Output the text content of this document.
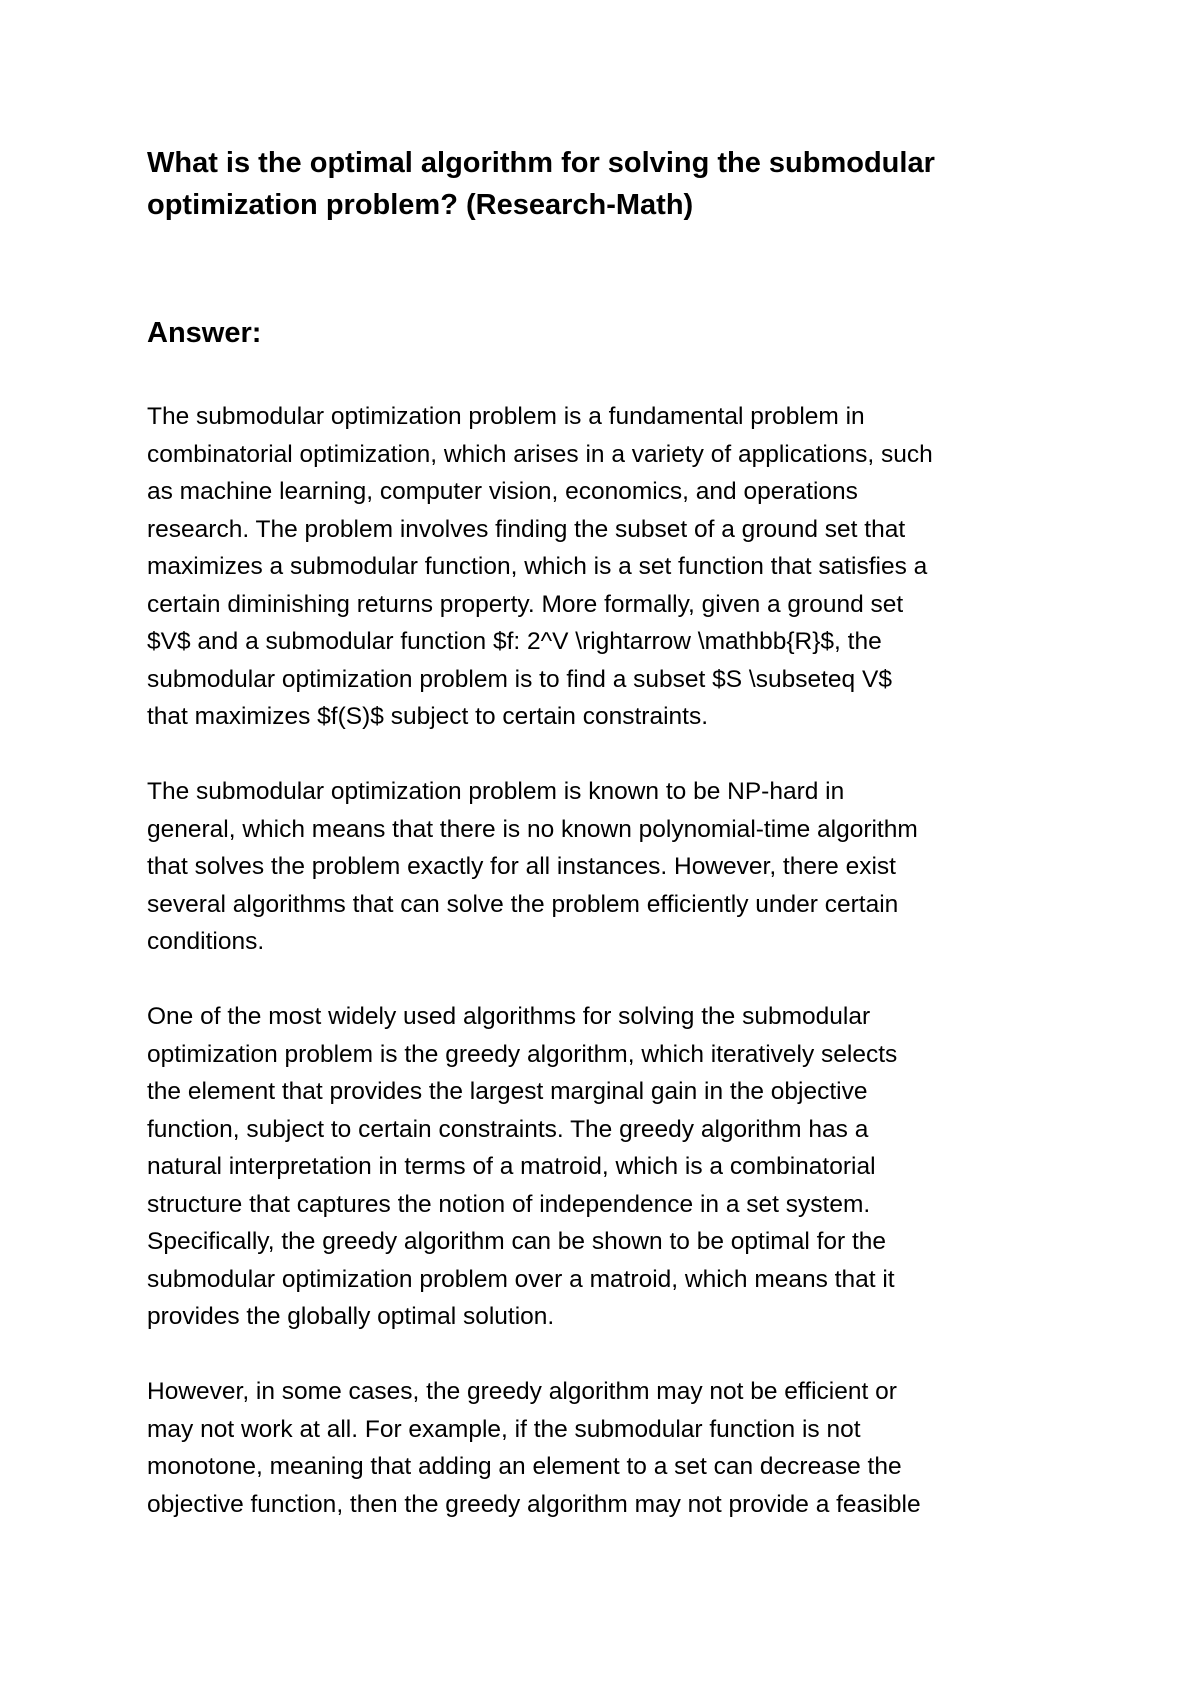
What is the optimal algorithm for solving the submodular
optimization problem? (Research-Math)
Answer:

The submodular optimization problem is a fundamental problem in
combinatorial optimization, which arises in a variety of applications, such
as machine learning, computer vision, economics, and operations
research. The problem involves finding the subset of a ground set that
maximizes a submodular function, which is a set function that satisfies a
certain diminishing returns property. More formally, given a ground set
$V$ and a submodular function $f: 2^V \rightarrow \mathbb{R}$, the
submodular optimization problem is to find a subset $S \subseteq V$
that maximizes $f(S)$ subject to certain constraints.

The submodular optimization problem is known to be NP-hard in
general, which means that there is no known polynomial-time algorithm
that solves the problem exactly for all instances. However, there exist
several algorithms that can solve the problem efficiently under certain
conditions.

One of the most widely used algorithms for solving the submodular
optimization problem is the greedy algorithm, which iteratively selects
the element that provides the largest marginal gain in the objective
function, subject to certain constraints. The greedy algorithm has a
natural interpretation in terms of a matroid, which is a combinatorial
structure that captures the notion of independence in a set system.
Specifically, the greedy algorithm can be shown to be optimal for the
submodular optimization problem over a matroid, which means that it
provides the globally optimal solution.

However, in some cases, the greedy algorithm may not be efficient or
may not work at all. For example, if the submodular function is not
monotone, meaning that adding an element to a set can decrease the
objective function, then the greedy algorithm may not provide a feasible
